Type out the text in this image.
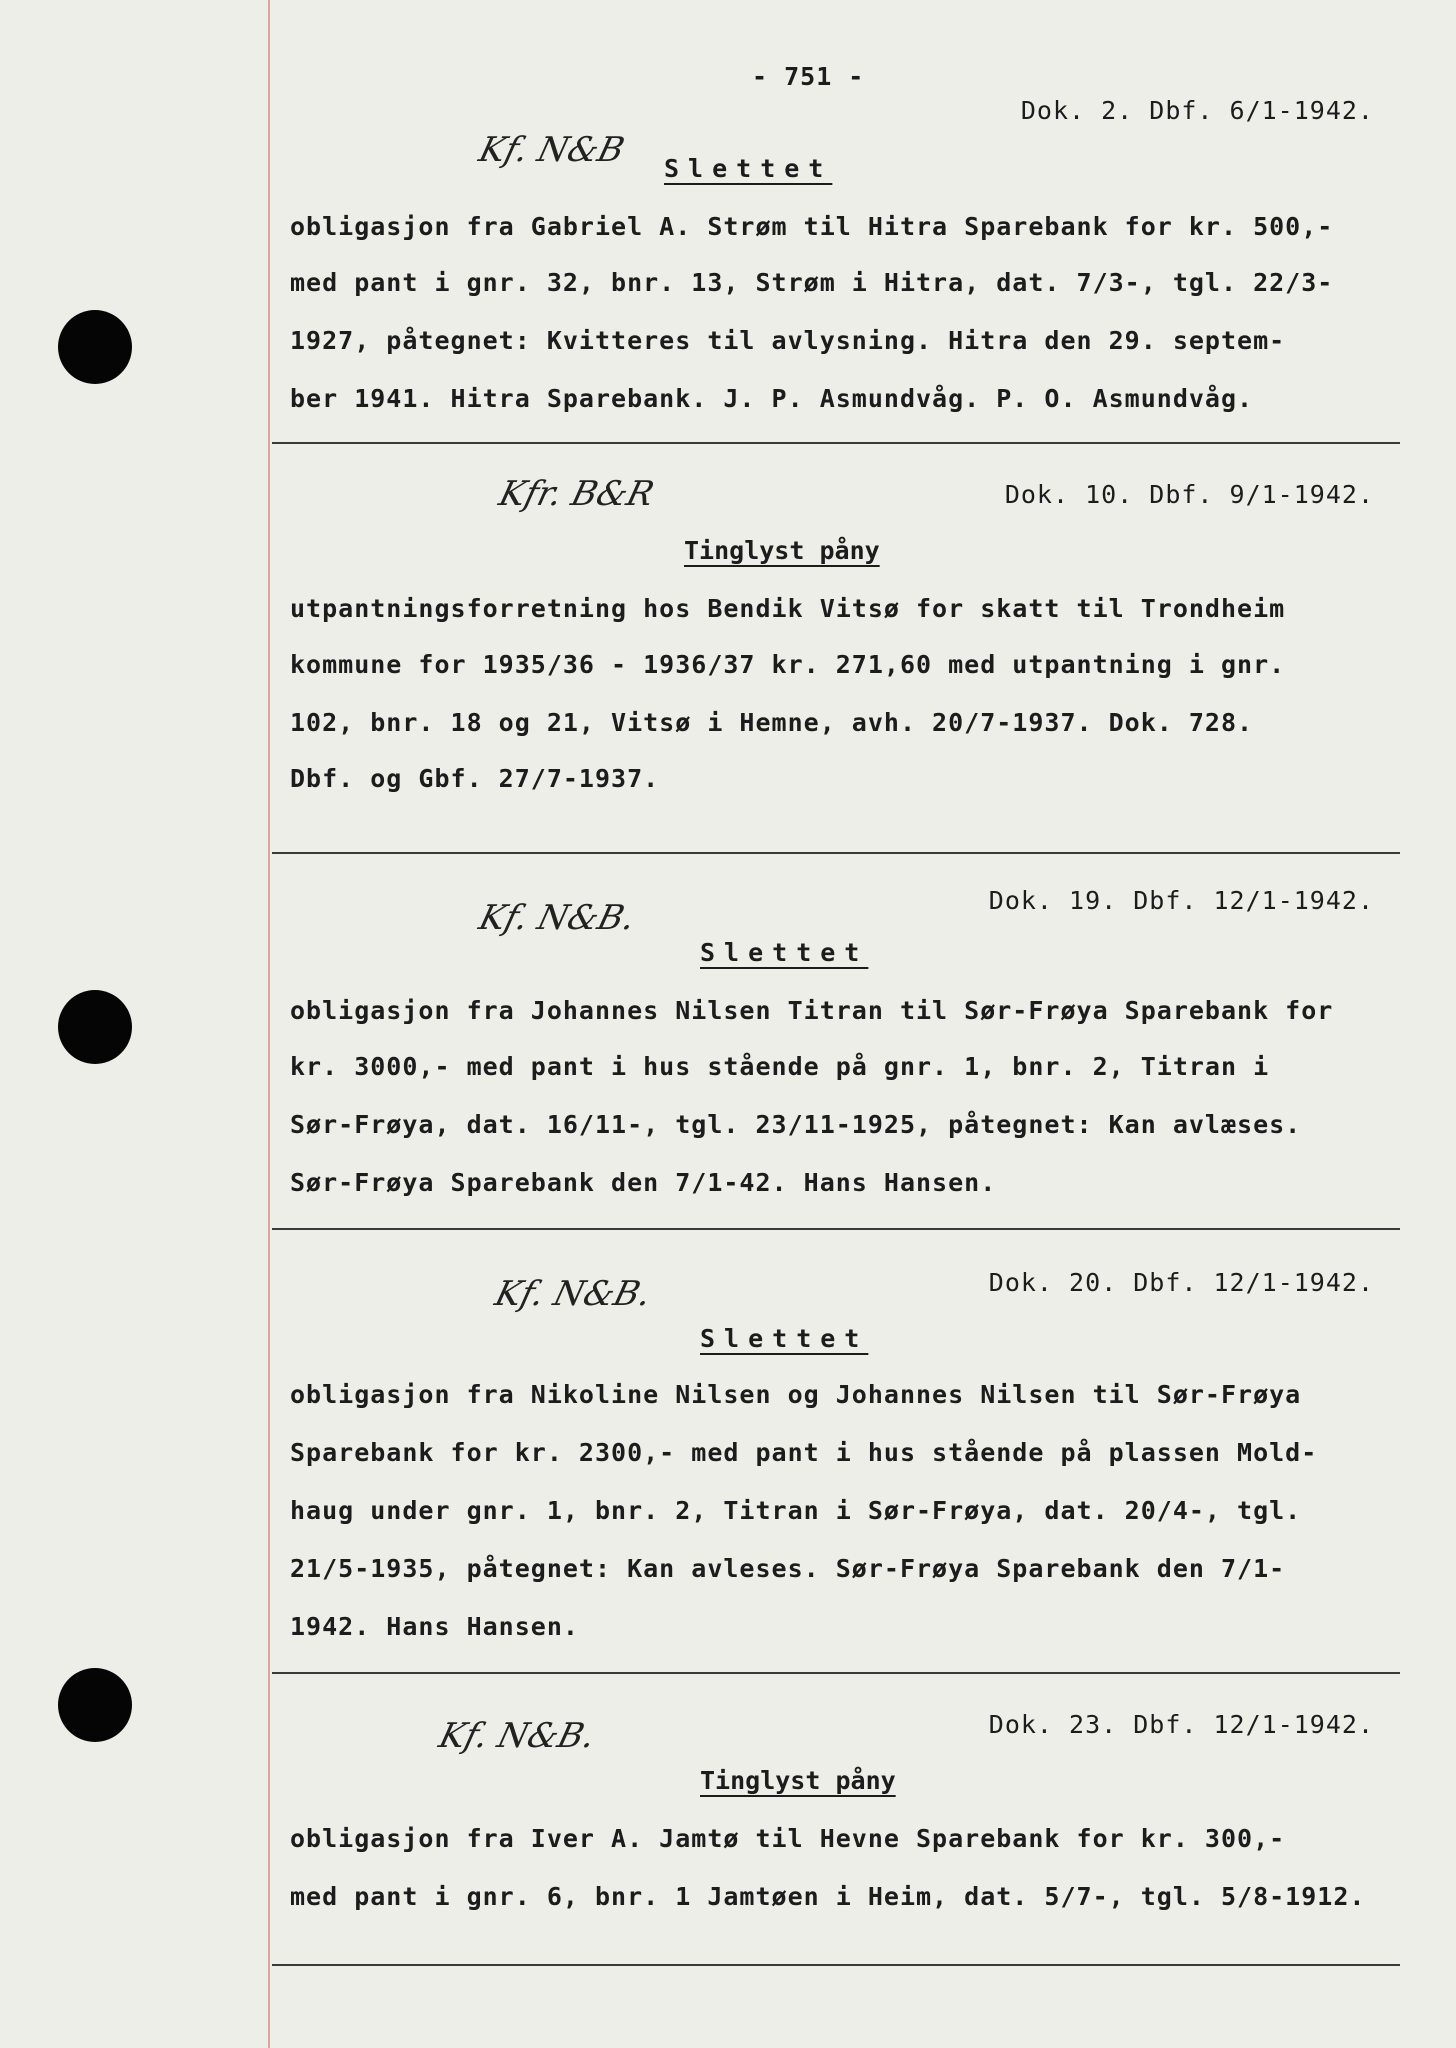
- 751 -
Dok. 2. Dbf. 6/1-1942.
Kf. N&B Slettet
obligasjon fra Gabriel A. Strøm til Hitra Sparebank for kr. 500,-
med pant i gnr. 32, bnr. 13, Strøm i Hitra, dat. 7/3-, tgl. 22/3-
1927, påtegnet: Kvitteres til avlysning. Hitra den 29. septem-
ber 1941. Hitra Sparebank. J. P. Asmundvåg. P. O. Asmundvåg.
Dok. 10. Dbf. 9/1-1942.
Kfr. B&R
Tinglyst påny
utpantningsforretning hos Bendik Vitsø for skatt til Trondheim
kommune for 1935/36 - 1936/37 kr. 271,60 med utpantning i gnr.
102, bnr. 18 og 21, Vitsø i Hemne, avh. 20/7-1937. Dok. 728.
Dbf. og Gbf. 27/7-1937.
Dok. 19. Dbf. 12/1-1942.
Kf. N&B.
Slettet
obligasjon fra Johannes Nilsen Titran til Sør-Frøya Sparebank for
kr. 3000,- med pant i hus stående på gnr. 1, bnr. 2, Titran i
Sør-Frøya, dat. 16/11-, tgl. 23/11-1925, påtegnet: Kan avlæses.
Sør-Frøya Sparebank den 7/1-42. Hans Hansen.
Dok. 20. Dbf. 12/1-1942.
Kf. N&B.
Slettet
obligasjon fra Nikoline Nilsen og Johannes Nilsen til Sør-Frøya
Sparebank for kr. 2300,- med pant i hus stående på plassen Mold-
haug under gnr. 1, bnr. 2, Titran i Sør-Frøya, dat. 20/4-, tgl.
21/5-1935, påtegnet: Kan avleses. Sør-Frøya Sparebank den 7/1-
1942. Hans Hansen.
Dok. 23. Dbf. 12/1-1942.
Kf. N&B.
Tinglyst påny
obligasjon fra Iver A. Jamtø til Hevne Sparebank for kr. 300,-
med pant i gnr. 6, bnr. 1 Jamtøen i Heim, dat. 5/7-, tgl. 5/8-1912.
